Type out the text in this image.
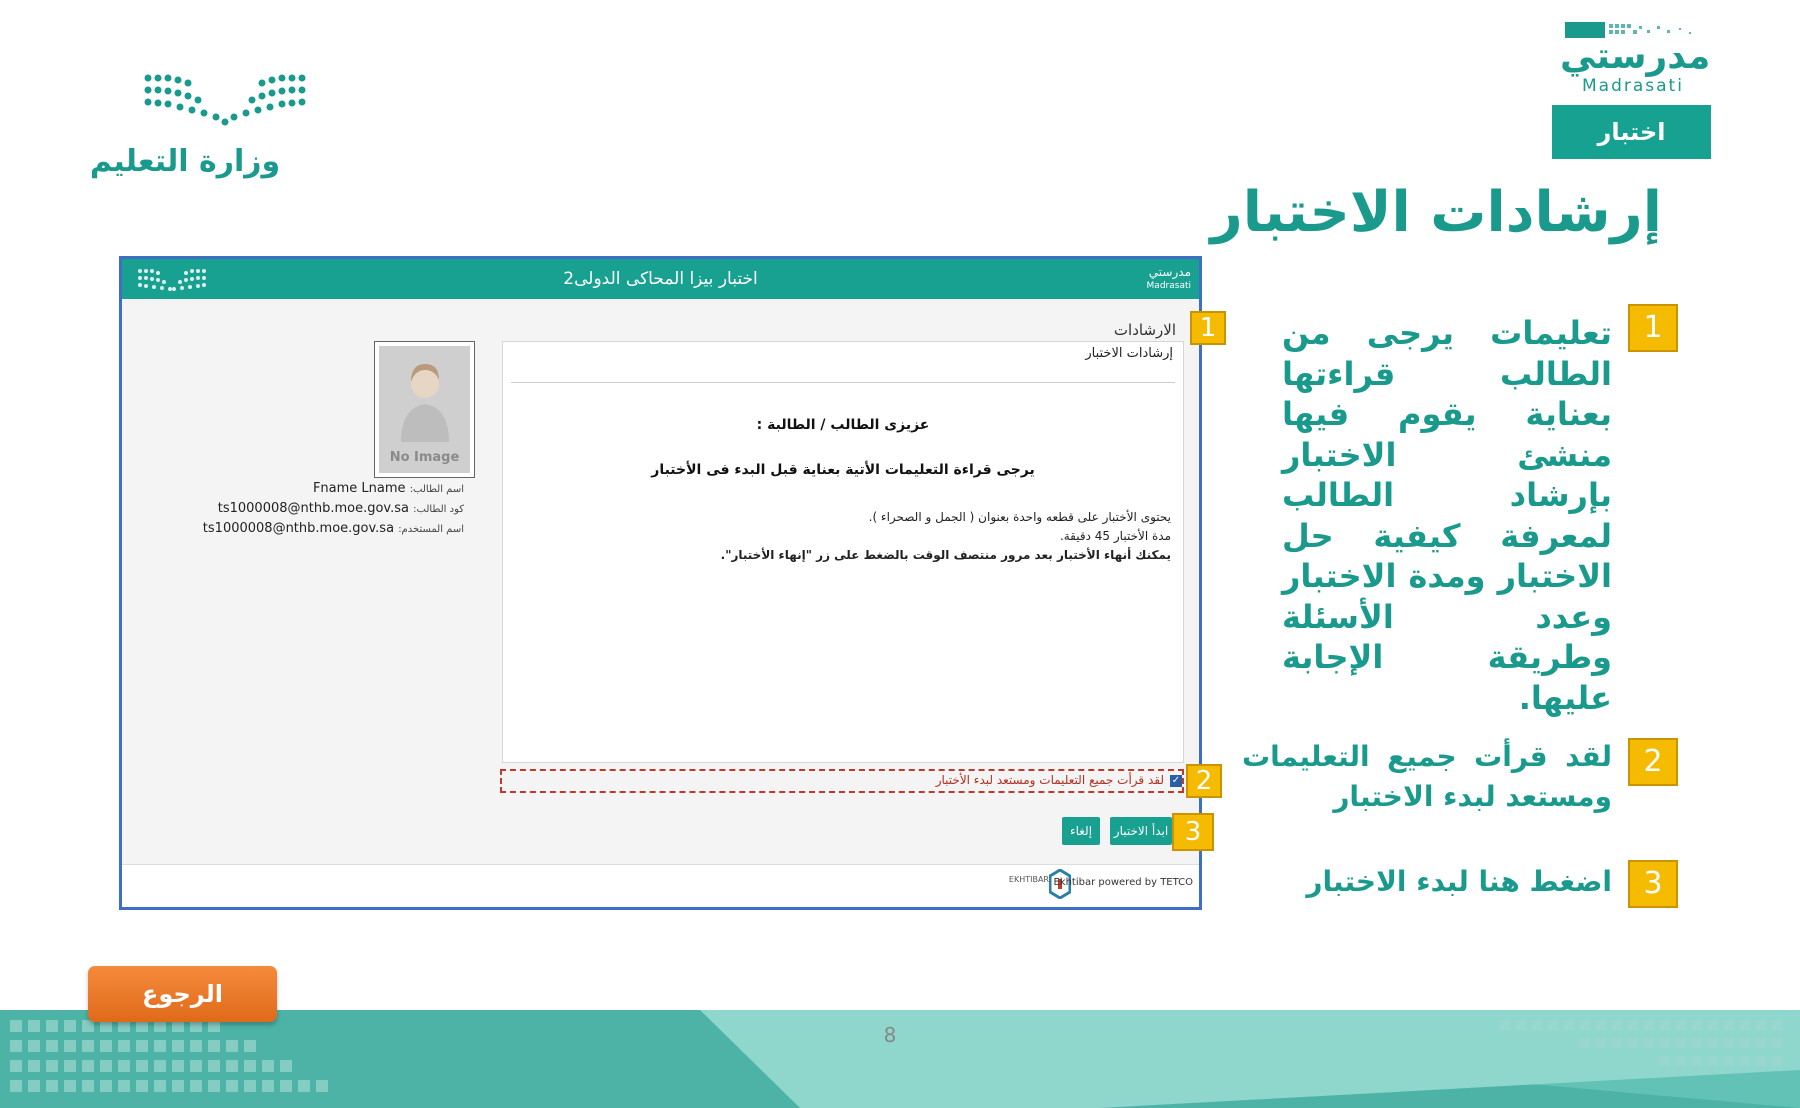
وزارة التعليم
مدرستي
Madrasati
اختبار
إرشادات الاختبار
اختبار بيزا المحاكى الدولى2	مدرستي
Madrasati
الارشادات
إرشادات الاختبار
عزيزى الطالب / الطالبة :
يرجى قراءة التعليمات الأتية بعناية قبل البدء فى الأختبار
يحتوى الأختبار على قطعه واحدة بعنوان ( الجمل و الصحراء ).
مدة الأختبار 45 دقيقة.
يمكنك أنهاء الأختبار بعد مرور منتصف الوقت بالضغط على زر "إنهاء الأختبار".
No Image
اسم الطالب: Fname Lname
كود الطالب: ts1000008@nthb.moe.gov.sa
اسم المستخدم: ts1000008@nthb.moe.gov.sa
✓
لقد قرأت جميع التعليمات ومستعد لبدء الأختبار
ابدأ الاختبار
إلغاء
EKHTIBAR Ekhtibar powered by TETCO
1
2
3
1
تعليمات يرجى من الطالب قراءتها بعناية يقوم فيها منشئ الاختبار بإرشاد الطالب لمعرفة كيفية حل الاختبار ومدة الاختبار وعدد الأسئلة وطريقة الإجابة عليها.
2
لقد قرأت جميع التعليمات ومستعد لبدء الاختبار
3
اضغط هنا لبدء الاختبار
8
الرجوع
